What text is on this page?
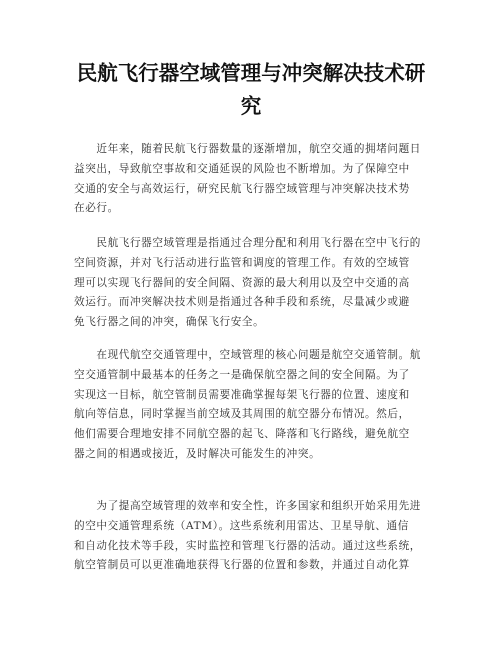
民航飞行器空域管理与冲突解决技术研
究
　　近年来，随着民航飞行器数量的逐渐增加，航空交通的拥堵问题日
益突出，导致航空事故和交通延误的风险也不断增加。为了保障空中
交通的安全与高效运行，研究民航飞行器空域管理与冲突解决技术势
在必行。
　　民航飞行器空域管理是指通过合理分配和利用飞行器在空中飞行的
空间资源，并对飞行活动进行监管和调度的管理工作。有效的空域管
理可以实现飞行器间的安全间隔、资源的最大利用以及空中交通的高
效运行。而冲突解决技术则是指通过各种手段和系统，尽量减少或避
免飞行器之间的冲突，确保飞行安全。
　　在现代航空交通管理中，空域管理的核心问题是航空交通管制。航
空交通管制中最基本的任务之一是确保航空器之间的安全间隔。为了
实现这一目标，航空管制员需要准确掌握每架飞行器的位置、速度和
航向等信息，同时掌握当前空域及其周围的航空器分布情况。然后，
他们需要合理地安排不同航空器的起飞、降落和飞行路线，避免航空
器之间的相遇或接近，及时解决可能发生的冲突。
　　为了提高空域管理的效率和安全性，许多国家和组织开始采用先进
的空中交通管理系统（ATM）。这些系统利用雷达、卫星导航、通信
和自动化技术等手段，实时监控和管理飞行器的活动。通过这些系统，
航空管制员可以更准确地获得飞行器的位置和参数，并通过自动化算
